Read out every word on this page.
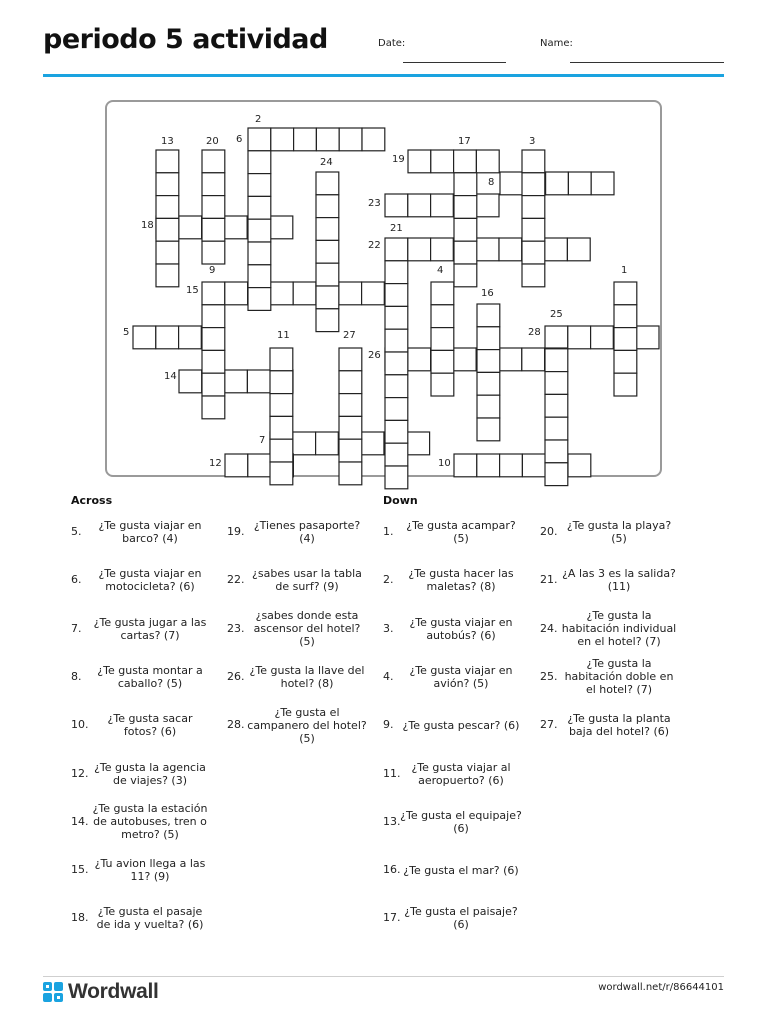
periodo 5 actividad	Date:	Name:
2
6
13	20
24	19
17	3
8
23
18	21
22
9	4	1
15	16
25
5	11	27	28
26
14
7
12	10
Across
5.	¿Te gusta viajar en barco? (4)
6.	¿Te gusta viajar en motocicleta? (6)
7. ¿Te gusta jugar a las cartas? (7)
8.	¿Te gusta montar a caballo? (5)
10.	¿Te gusta sacar fotos? (6)
12. ¿Te gusta la agencia de viajes? (3)
14.
¿Te gusta la estación de autobuses, tren o metro? (5)
15. ¿Tu avion llega a las 11? (9)
18. ¿Te gusta el pasaje de ida y vuelta? (6)
19. ¿Tienes pasaporte? (4)
22. ¿sabes usar la tabla de surf? (9)
23.
¿sabes donde esta ascensor del hotel? (5)
26. ¿Te gusta la llave del hotel? (8)
28.
¿Te gusta el campanero del hotel? (5)
Down
1.	¿Te gusta acampar? (5)
2.	¿Te gusta hacer las maletas? (8)
3.	¿Te gusta viajar en autobús? (6)
4.	¿Te gusta viajar en avión? (5)
9. ¿Te gusta pescar? (6)
11. ¿Te gusta viajar al aeropuerto? (6)
13. ¿Te gusta el equipaje? (6)
16. ¿Te gusta el mar? (6)
17. ¿Te gusta el paisaje? (6)
20. ¿Te gusta la playa? (5)
21. ¿A las 3 es la salida? (11)
24.
¿Te gusta la habitación individual en el hotel? (7)
25.
¿Te gusta la habitación doble en el hotel? (7)
27. ¿Te gusta la planta baja del hotel? (6)
Wordwall	wordwall.net/r/86644101
